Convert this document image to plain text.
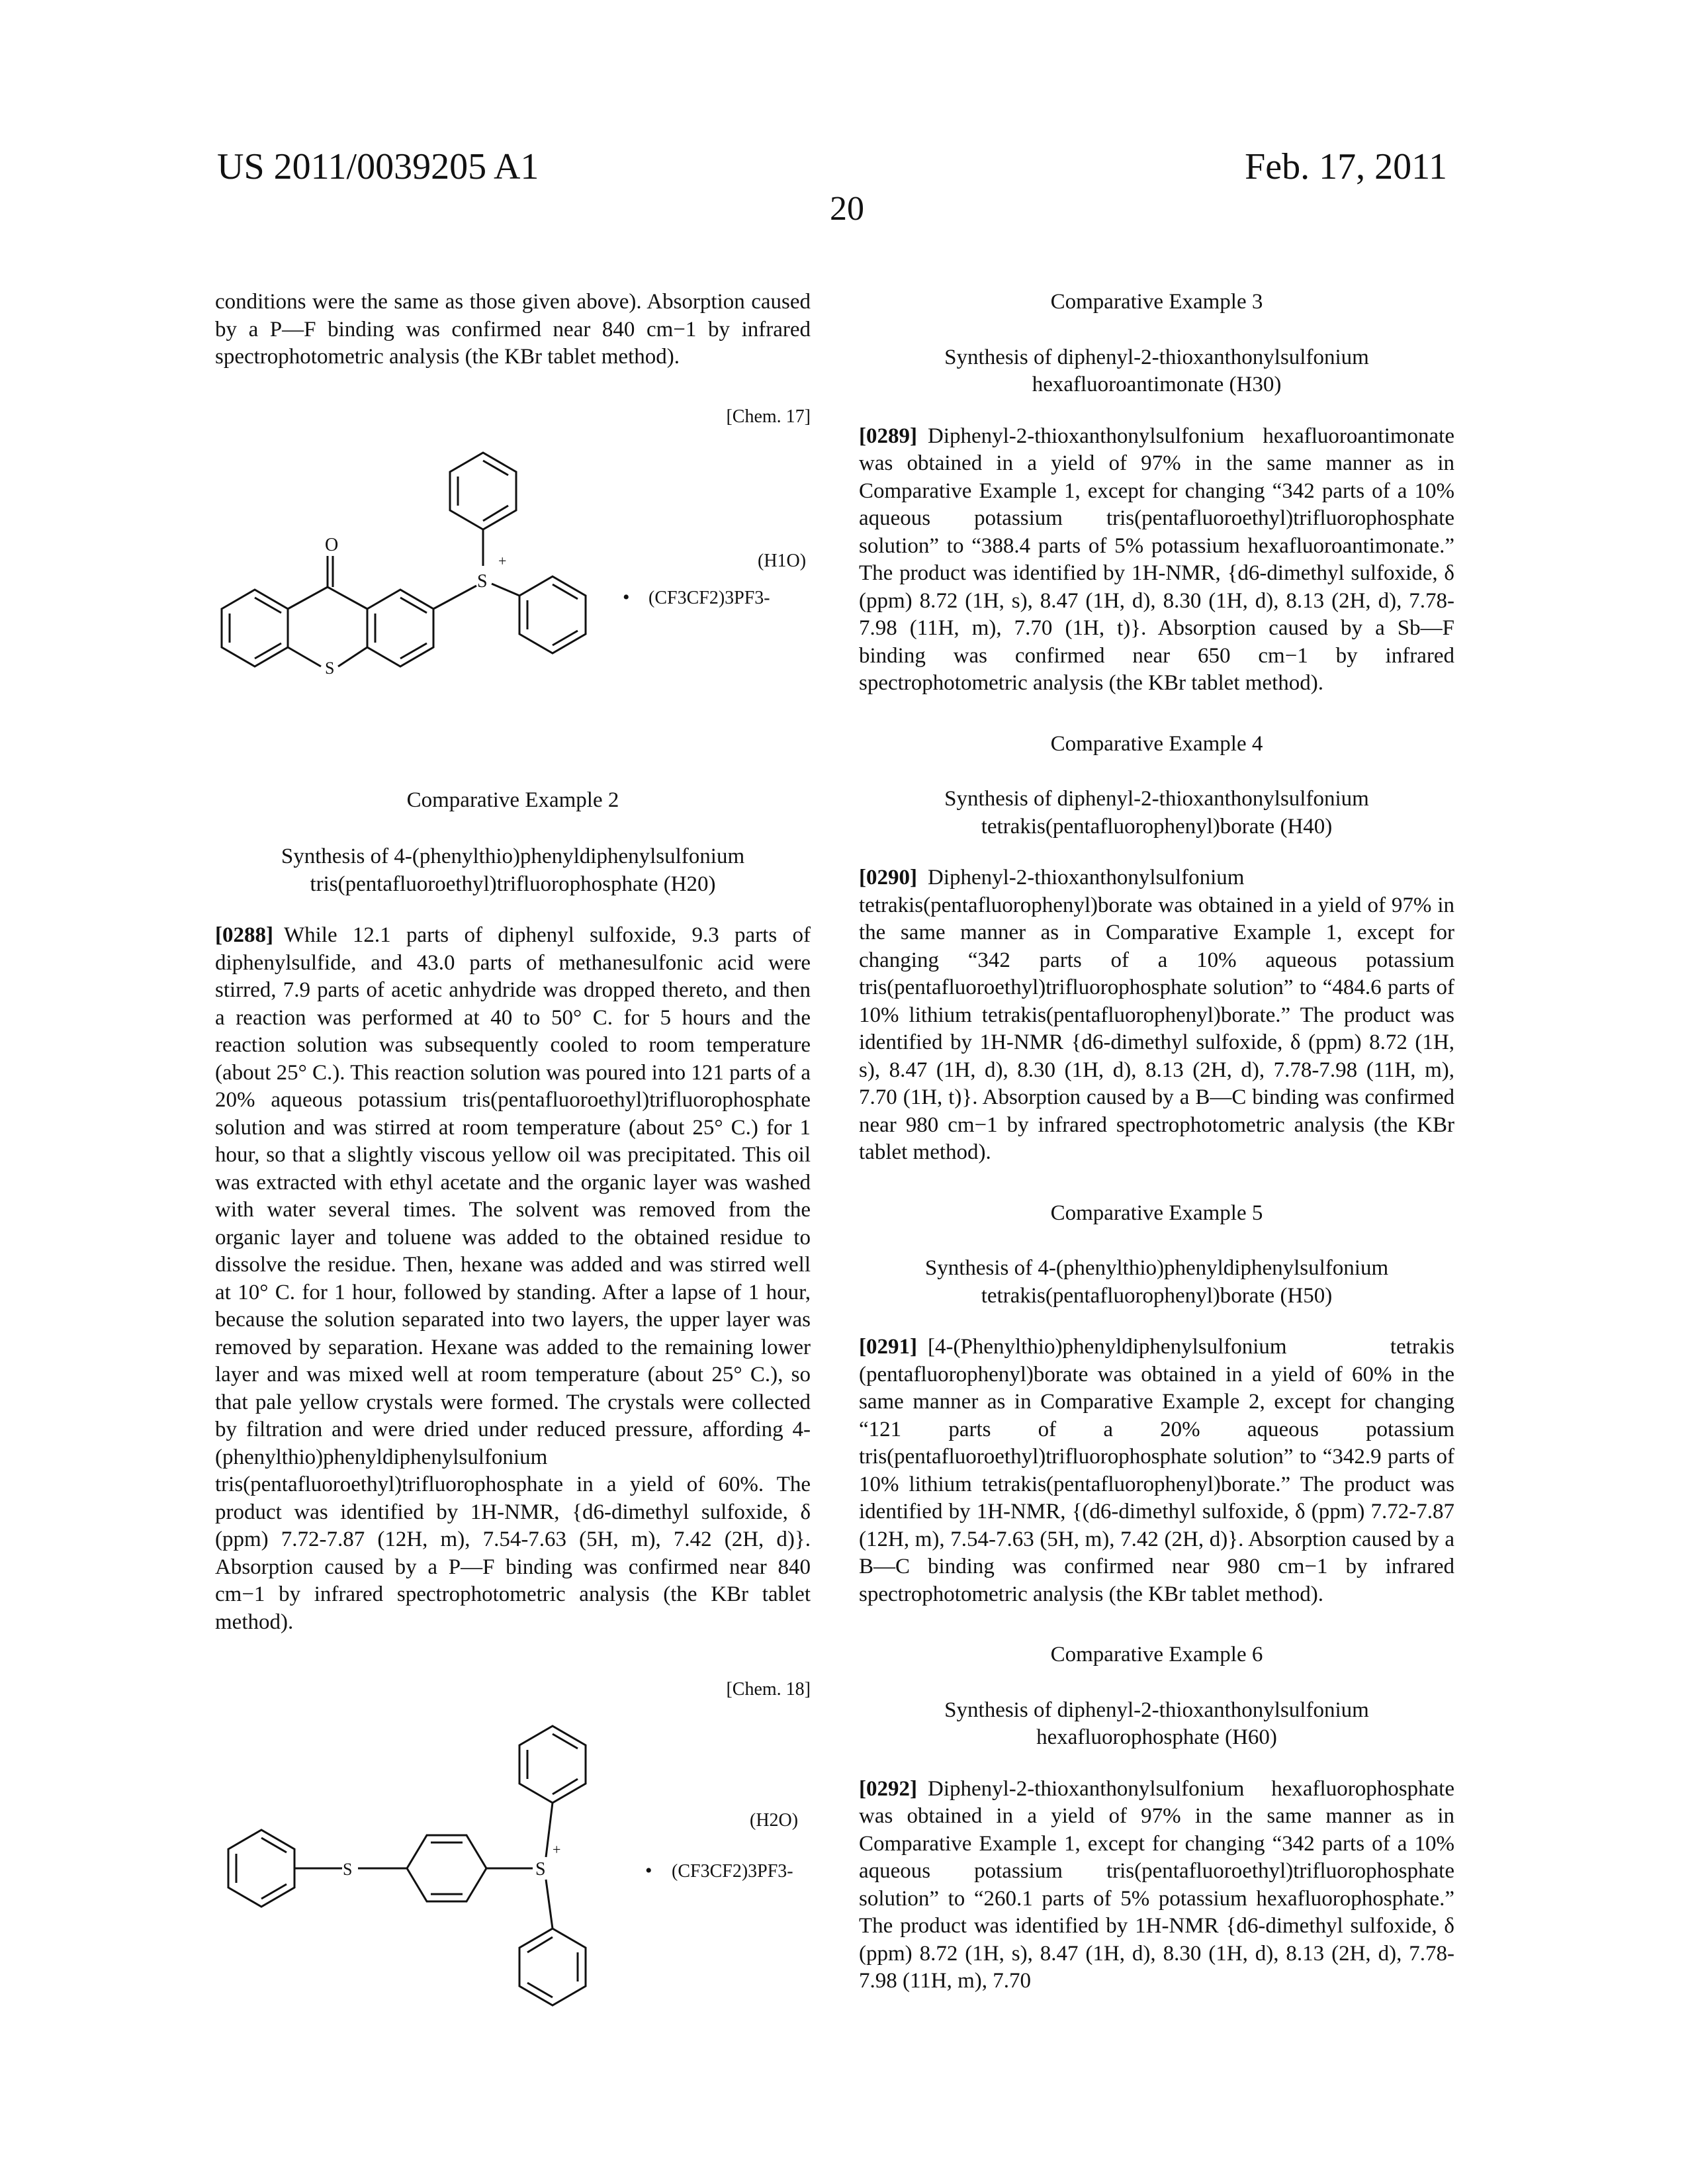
US 2011/0039205 A1	Feb. 17, 2011
20

conditions were the same as those given above). Absorption caused by a P—F binding was confirmed near 840 cm−1 by infrared spectrophotometric analysis (the KBr tablet method).

[Chem. 17]

O
S
S
+	(H1O)
• (CF3CF2)3PF3-

Comparative Example 2

Synthesis of 4-(phenylthio)phenyldiphenylsulfonium

tris(pentafluoroethyl)trifluorophosphate (H20)

[0288] While 12.1 parts of diphenyl sulfoxide, 9.3 parts of diphenylsulfide, and 43.0 parts of methanesulfonic acid were stirred, 7.9 parts of acetic anhydride was dropped thereto, and then a reaction was performed at 40 to 50° C. for 5 hours and the reaction solution was subsequently cooled to room temperature (about 25° C.). This reaction solution was poured into 121 parts of a 20% aqueous potassium tris(pentafluoroethyl)trifluorophosphate solution and was stirred at room temperature (about 25° C.) for 1 hour, so that a slightly viscous yellow oil was precipitated. This oil was extracted with ethyl acetate and the organic layer was washed with water several times. The solvent was removed from the organic layer and toluene was added to the obtained residue to dissolve the residue. Then, hexane was added and was stirred well at 10° C. for 1 hour, followed by standing. After a lapse of 1 hour, because the solution separated into two layers, the upper layer was removed by separation. Hexane was added to the remaining lower layer and was mixed well at room temperature (about 25° C.), so that pale yellow crystals were formed. The crystals were collected by filtration and were dried under reduced pressure, affording 4-(phenylthio)phenyldiphenylsulfonium tris(pentafluoroethyl)trifluorophosphate in a yield of 60%. The product was identified by 1H-NMR, {d6-dimethyl sulfoxide, δ (ppm) 7.72-7.87 (12H, m), 7.54-7.63 (5H, m), 7.42 (2H, d)}. Absorption caused by a P—F binding was confirmed near 840 cm−1 by infrared spectrophotometric analysis (the KBr tablet method).

[Chem. 18]

S	S
+
(H2O)
• (CF3CF2)3PF3-

Comparative Example 3

Synthesis of diphenyl-2-thioxanthonylsulfonium

hexafluoroantimonate (H30)

[0289] Diphenyl-2-thioxanthonylsulfonium hexafluoroantimonate was obtained in a yield of 97% in the same manner as in Comparative Example 1, except for changing “342 parts of a 10% aqueous potassium tris(pentafluoroethyl)trifluorophosphate solution” to “388.4 parts of 5% potassium hexafluoroantimonate.” The product was identified by 1H-NMR, {d6-dimethyl sulfoxide, δ (ppm) 8.72 (1H, s), 8.47 (1H, d), 8.30 (1H, d), 8.13 (2H, d), 7.78-7.98 (11H, m), 7.70 (1H, t)}. Absorption caused by a Sb—F binding was confirmed near 650 cm−1 by infrared spectrophotometric analysis (the KBr tablet method).

Comparative Example 4

Synthesis of diphenyl-2-thioxanthonylsulfonium

tetrakis(pentafluorophenyl)borate (H40)

[0290] Diphenyl-2-thioxanthonylsulfonium tetrakis(pentafluorophenyl)borate was obtained in a yield of 97% in the same manner as in Comparative Example 1, except for changing “342 parts of a 10% aqueous potassium tris(pentafluoroethyl)trifluorophosphate solution” to “484.6 parts of 10% lithium tetrakis(pentafluorophenyl)borate.” The product was identified by 1H-NMR {d6-dimethyl sulfoxide, δ (ppm) 8.72 (1H, s), 8.47 (1H, d), 8.30 (1H, d), 8.13 (2H, d), 7.78-7.98 (11H, m), 7.70 (1H, t)}. Absorption caused by a B—C binding was confirmed near 980 cm−1 by infrared spectrophotometric analysis (the KBr tablet method).

Comparative Example 5

Synthesis of 4-(phenylthio)phenyldiphenylsulfonium

tetrakis(pentafluorophenyl)borate (H50)

[0291] [4-(Phenylthio)phenyldiphenylsulfonium tetrakis (pentafluorophenyl)borate was obtained in a yield of 60% in the same manner as in Comparative Example 2, except for changing “121 parts of a 20% aqueous potassium tris(pentafluoroethyl)trifluorophosphate solution” to “342.9 parts of 10% lithium tetrakis(pentafluorophenyl)borate.” The product was identified by 1H-NMR, {(d6-dimethyl sulfoxide, δ (ppm) 7.72-7.87 (12H, m), 7.54-7.63 (5H, m), 7.42 (2H, d)}. Absorption caused by a B—C binding was confirmed near 980 cm−1 by infrared spectrophotometric analysis (the KBr tablet method).

Comparative Example 6

Synthesis of diphenyl-2-thioxanthonylsulfonium

hexafluorophosphate (H60)

[0292] Diphenyl-2-thioxanthonylsulfonium hexafluorophosphate was obtained in a yield of 97% in the same manner as in Comparative Example 1, except for changing “342 parts of a 10% aqueous potassium tris(pentafluoroethyl)trifluorophosphate solution” to “260.1 parts of 5% potassium hexafluorophosphate.” The product was identified by 1H-NMR {d6-dimethyl sulfoxide, δ (ppm) 8.72 (1H, s), 8.47 (1H, d), 8.30 (1H, d), 8.13 (2H, d), 7.78-7.98 (11H, m), 7.70
